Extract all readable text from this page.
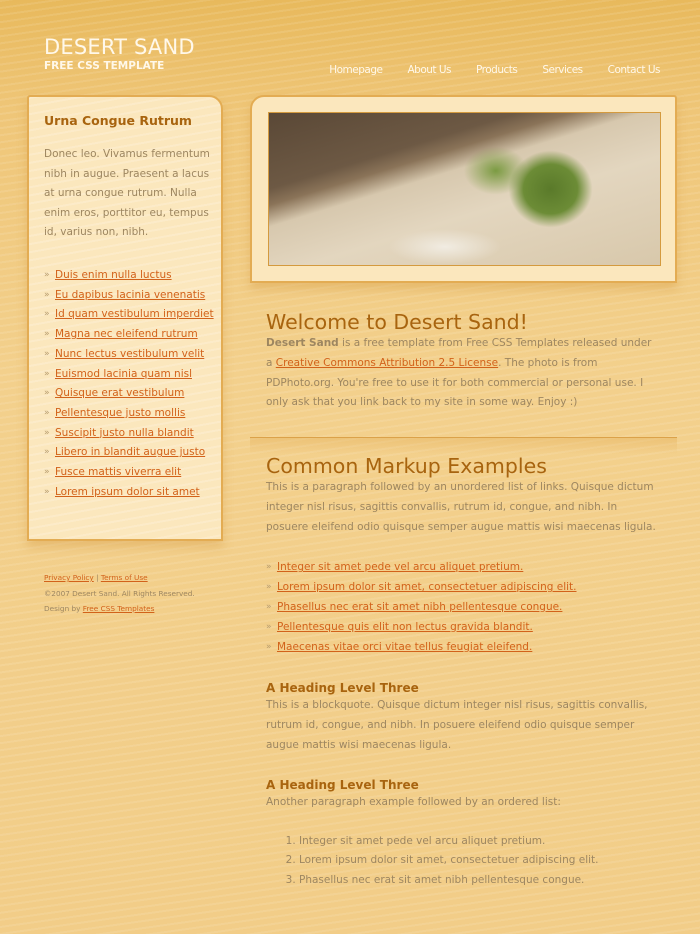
DESERT SAND
FREE CSS TEMPLATE	Homepage About Us Products Services Contact Us
Urna Congue Rutrum

Donec leo. Vivamus fermentum nibh in augue. Praesent a lacus at urna congue rutrum. Nulla enim eros, porttitor eu, tempus id, varius non, nibh.

» Duis enim nulla luctus
» Eu dapibus lacinia venenatis
» Id quam vestibulum imperdiet
» Magna nec eleifend rutrum
» Nunc lectus vestibulum velit
» Euismod lacinia quam nisl
» Quisque erat vestibulum
» Pellentesque justo mollis
» Suscipit justo nulla blandit
» Libero in blandit augue justo
» Fusce mattis viverra elit
» Lorem ipsum dolor sit amet
Privacy Policy | Terms of Use
©2007 Desert Sand. All Rights Reserved.
Design by Free CSS Templates
Welcome to Desert Sand!

Desert Sand is a free template from Free CSS Templates released under a Creative Commons Attribution 2.5 License. The photo is from PDPhoto.org. You're free to use it for both commercial or personal use. I only ask that you link back to my site in some way. Enjoy :)

Common Markup Examples

This is a paragraph followed by an unordered list of links. Quisque dictum integer nisl risus, sagittis convallis, rutrum id, congue, and nibh. In posuere eleifend odio quisque semper augue mattis wisi maecenas ligula.

» Integer sit amet pede vel arcu aliquet pretium.
» Lorem ipsum dolor sit amet, consectetuer adipiscing elit.
» Phasellus nec erat sit amet nibh pellentesque congue.
» Pellentesque quis elit non lectus gravida blandit.
» Maecenas vitae orci vitae tellus feugiat eleifend.
A Heading Level Three

This is a blockquote. Quisque dictum integer nisl risus, sagittis convallis, rutrum id, congue, and nibh. In posuere eleifend odio quisque semper augue mattis wisi maecenas ligula.

A Heading Level Three

Another paragraph example followed by an ordered list:

1. Integer sit amet pede vel arcu aliquet pretium.
2. Lorem ipsum dolor sit amet, consectetuer adipiscing elit.
3. Phasellus nec erat sit amet nibh pellentesque congue.
